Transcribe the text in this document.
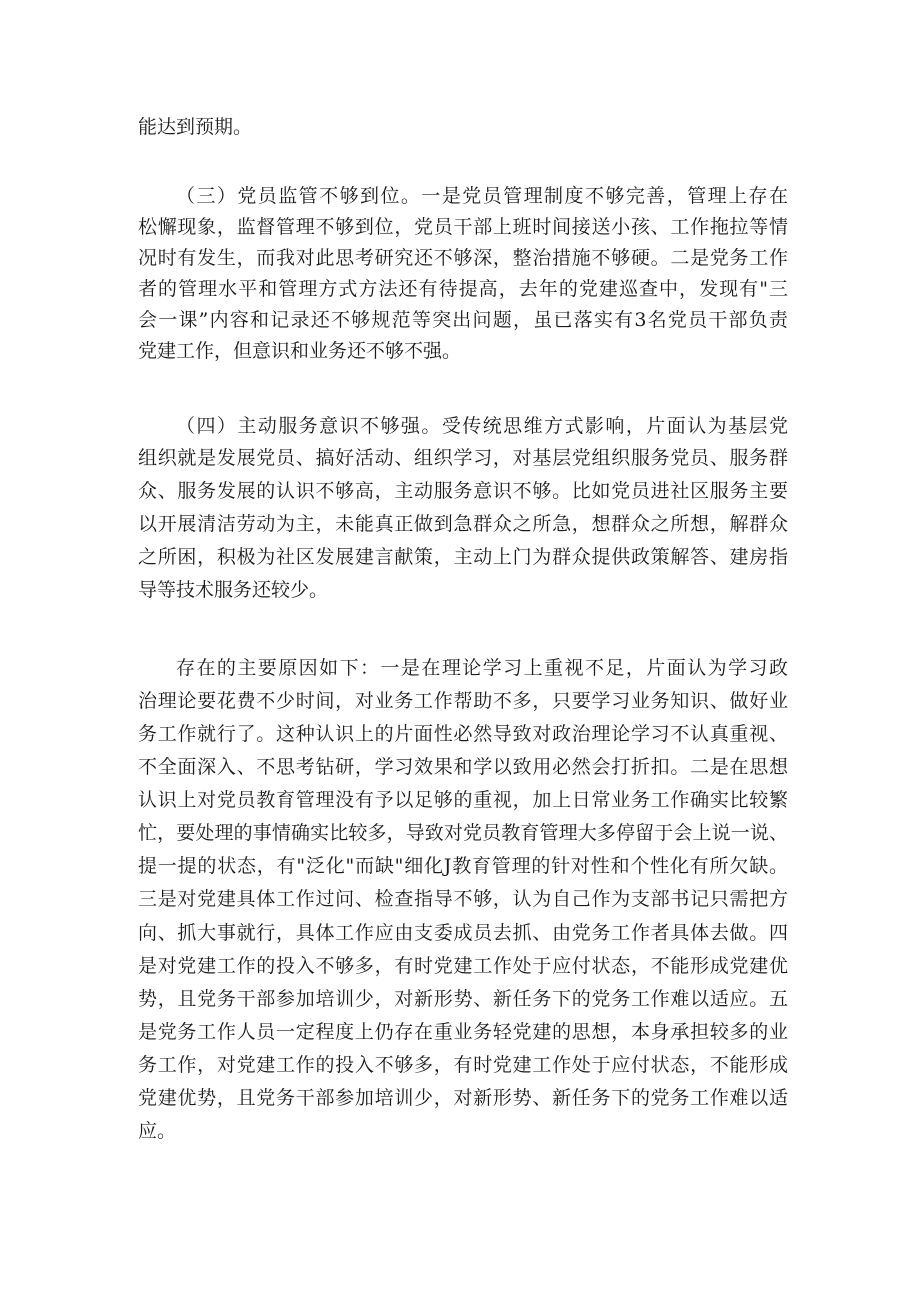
能达到预期。
（三）党员监管不够到位。一是党员管理制度不够完善，管理上存在
松懈现象，监督管理不够到位，党员干部上班时间接送小孩、工作拖拉等情
况时有发生，而我对此思考研究还不够深，整治措施不够硬。二是党务工作
者的管理水平和管理方式方法还有待提高，去年的党建巡查中，发现有"三
会一课”内容和记录还不够规范等突出问题，虽已落实有3名党员干部负责
党建工作，但意识和业务还不够不强。
（四）主动服务意识不够强。受传统思维方式影响，片面认为基层党
组织就是发展党员、搞好活动、组织学习，对基层党组织服务党员、服务群
众、服务发展的认识不够高，主动服务意识不够。比如党员进社区服务主要
以开展清洁劳动为主，未能真正做到急群众之所急，想群众之所想，解群众
之所困，积极为社区发展建言献策，主动上门为群众提供政策解答、建房指
导等技术服务还较少。
存在的主要原因如下：一是在理论学习上重视不足，片面认为学习政
治理论要花费不少时间，对业务工作帮助不多，只要学习业务知识、做好业
务工作就行了。这种认识上的片面性必然导致对政治理论学习不认真重视、
不全面深入、不思考钻研，学习效果和学以致用必然会打折扣。二是在思想
认识上对党员教育管理没有予以足够的重视，加上日常业务工作确实比较繁
忙，要处理的事情确实比较多，导致对党员教育管理大多停留于会上说一说、
提一提的状态，有"泛化"而缺"细化J教育管理的针对性和个性化有所欠缺。
三是对党建具体工作过问、检查指导不够，认为自己作为支部书记只需把方
向、抓大事就行，具体工作应由支委成员去抓、由党务工作者具体去做。四
是对党建工作的投入不够多，有时党建工作处于应付状态，不能形成党建优
势，且党务干部参加培训少，对新形势、新任务下的党务工作难以适应。五
是党务工作人员一定程度上仍存在重业务轻党建的思想，本身承担较多的业
务工作，对党建工作的投入不够多，有时党建工作处于应付状态，不能形成
党建优势，且党务干部参加培训少，对新形势、新任务下的党务工作难以适
应。
